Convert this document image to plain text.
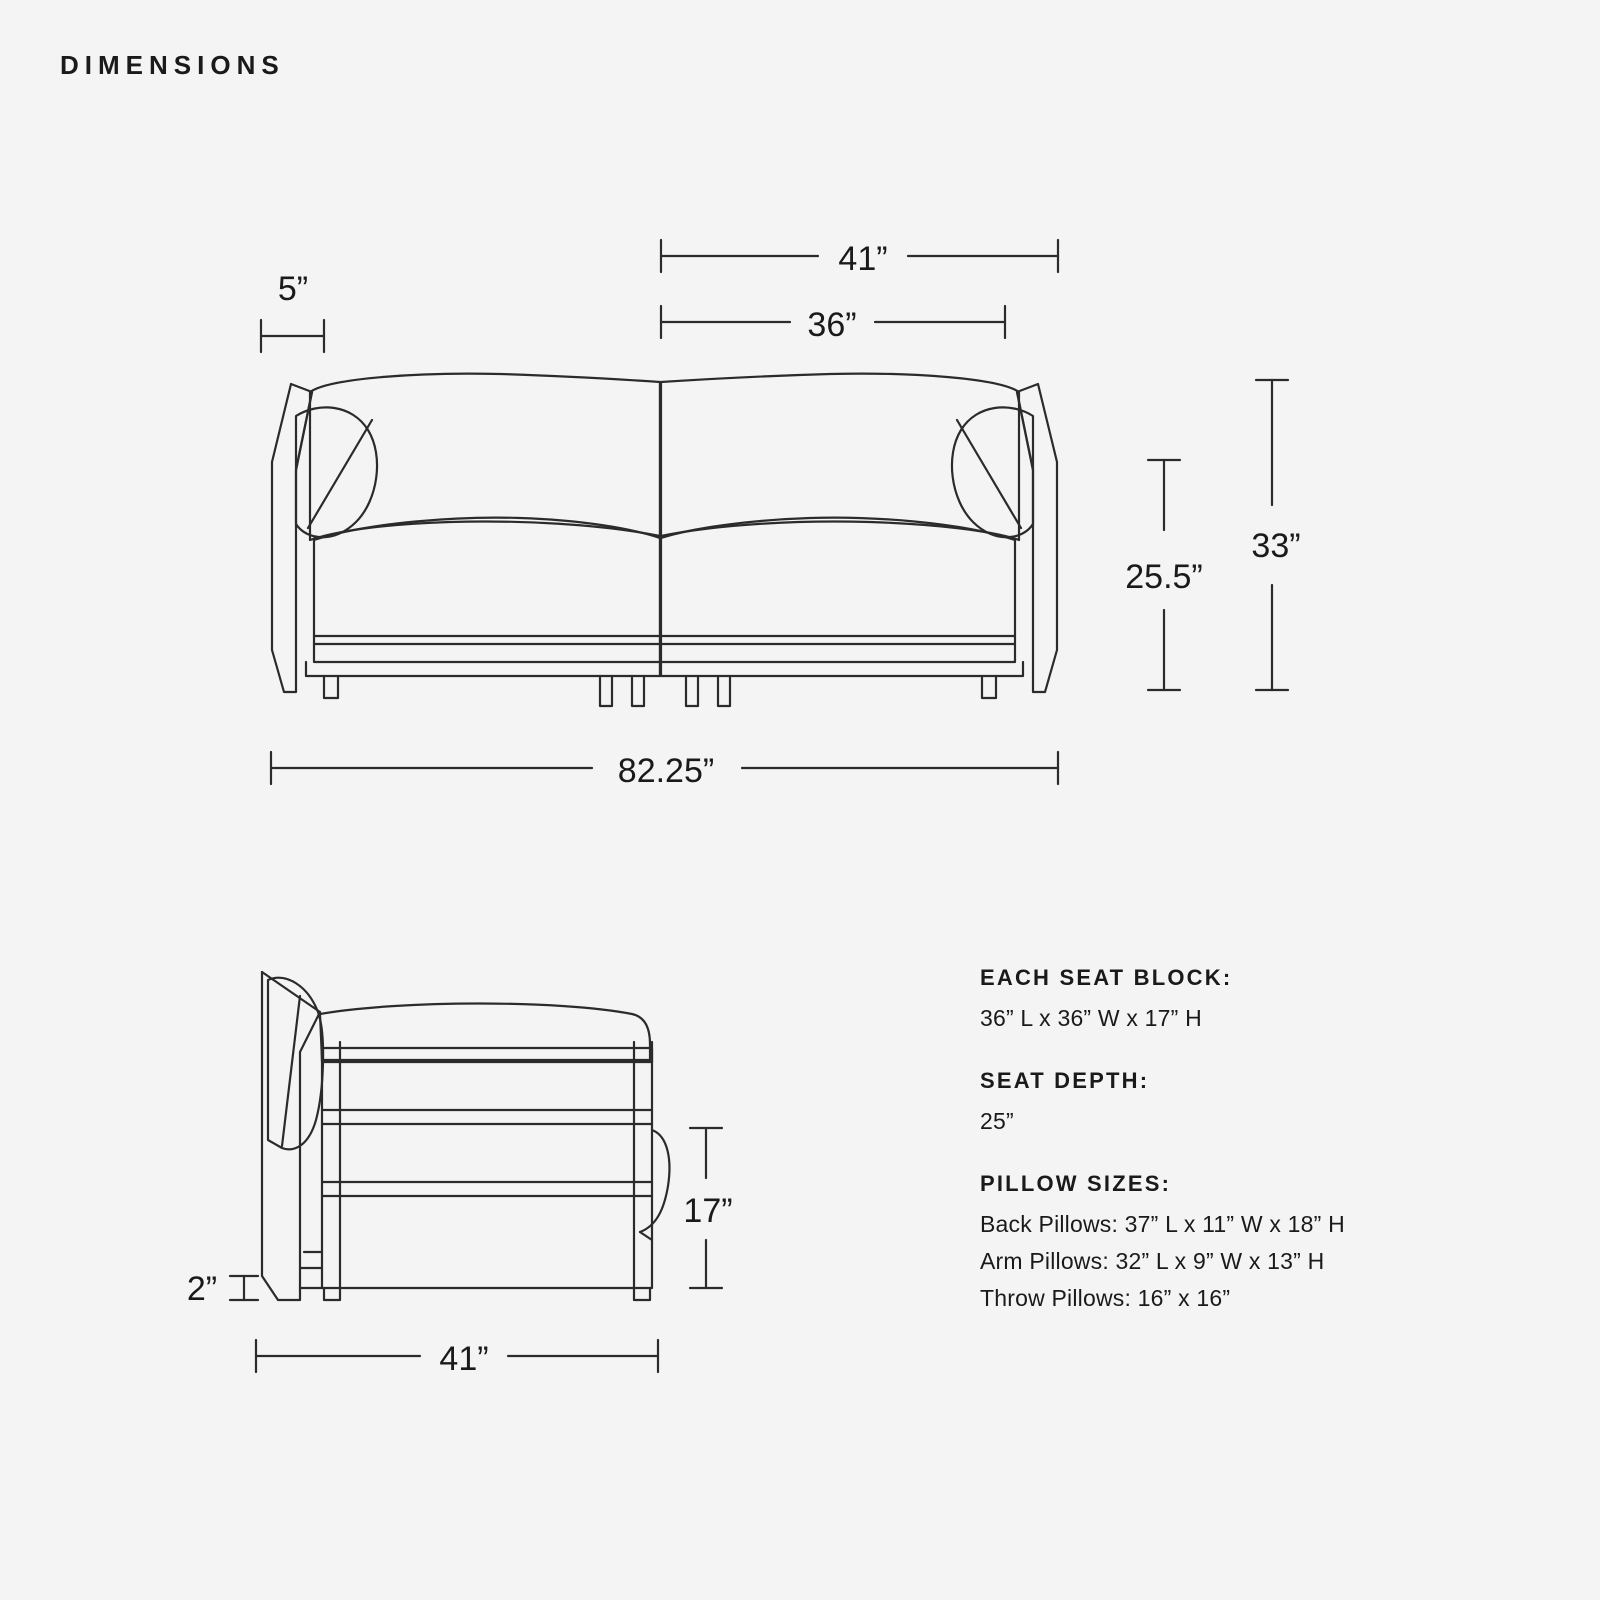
DIMENSIONS
41”
36”
5”
25.5”
33”
82.25”
17”
2”
41”
EACH SEAT BLOCK:
36” L x 36” W x 17” H
SEAT DEPTH:
25”
PILLOW SIZES:
Back Pillows: 37” L x 11” W x 18” H
Arm Pillows: 32” L x 9” W x 13” H
Throw Pillows: 16” x 16”
